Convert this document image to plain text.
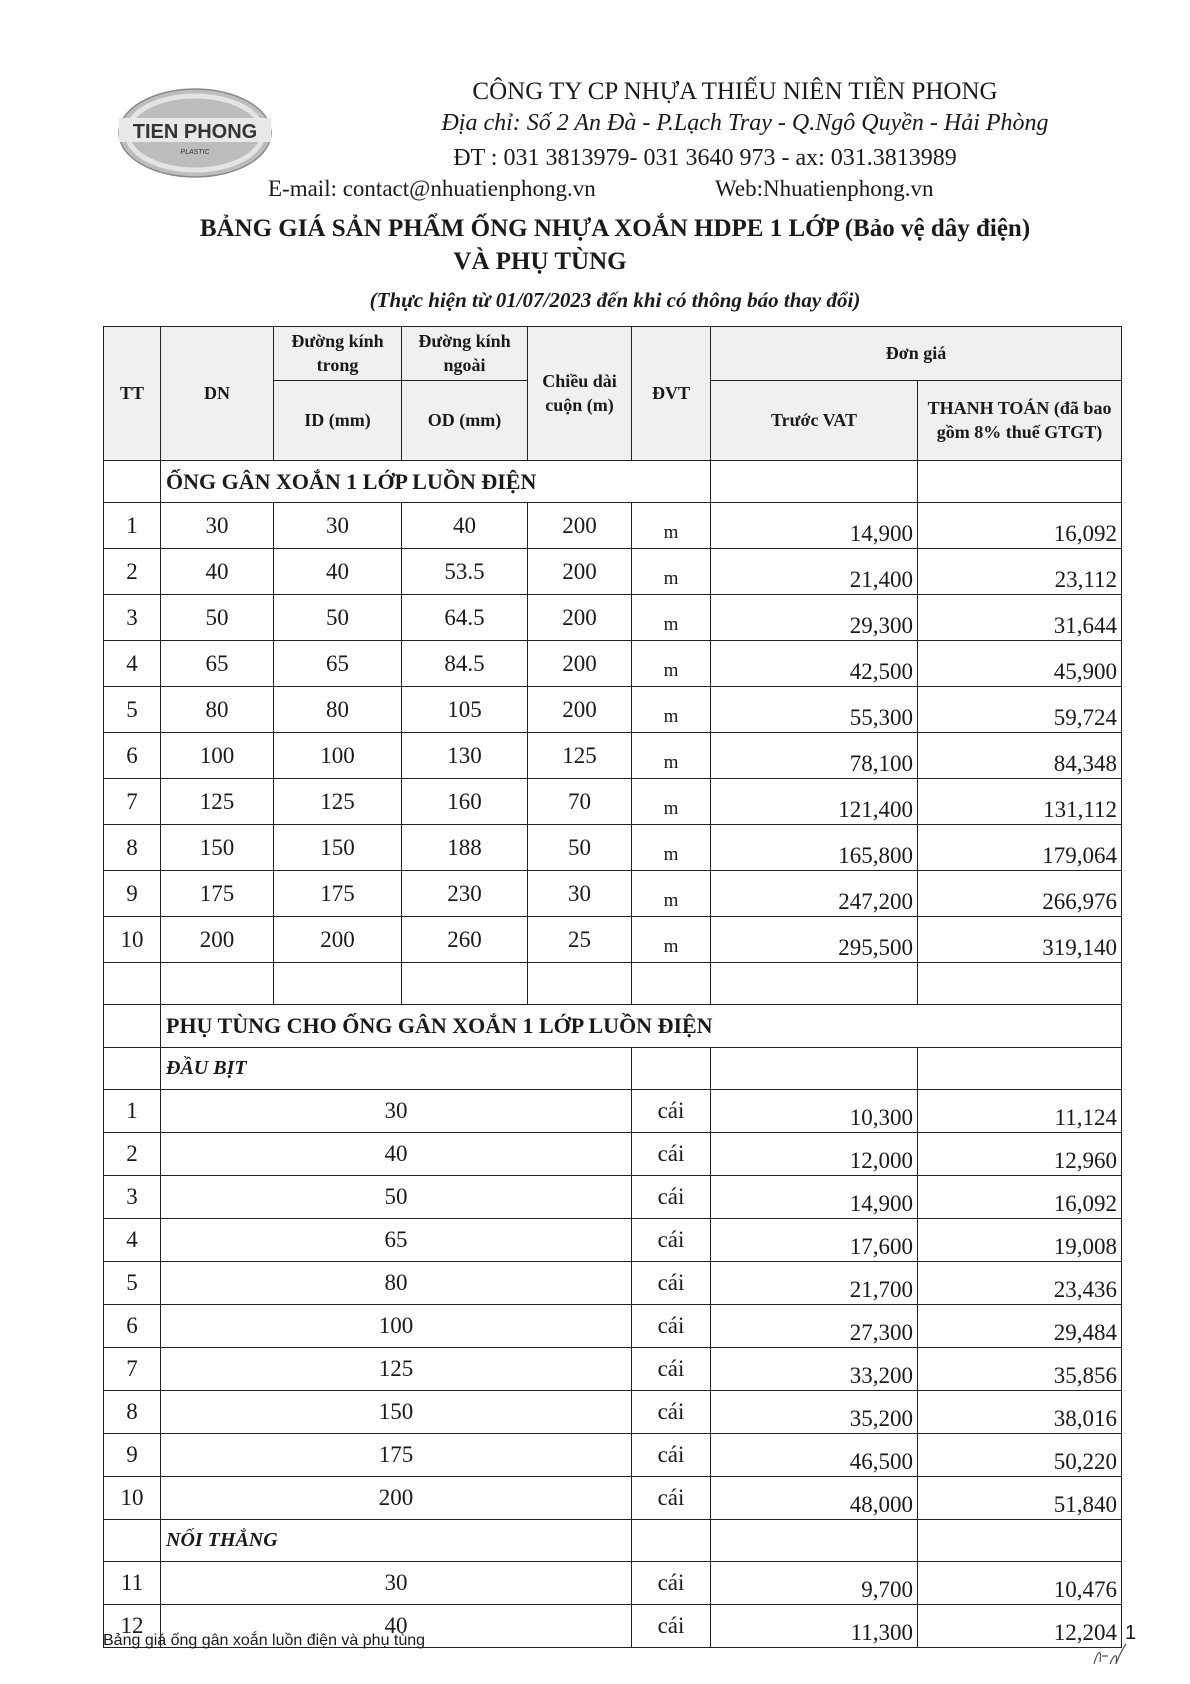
TIEN PHONG
PLASTIC
CÔNG TY CP NHỰA THIẾU NIÊN TIỀN PHONG
Địa chỉ: Số 2 An Đà - P.Lạch Tray - Q.Ngô Quyền - Hải Phòng
ĐT : 031 3813979- 031 3640 973 - ax: 031.3813989
E-mail: contact@nhuatienphong.vn	Web:Nhuatienphong.vn
BẢNG GIÁ SẢN PHẨM ỐNG NHỰA XOẮN HDPE 1 LỚP (Bảo vệ dây điện)
VÀ PHỤ TÙNG
(Thực hiện từ 01/07/2023 đến khi có thông báo thay đổi)
TT	DN	Đường kính trong	Đường kính ngoài	Chiều dài cuộn (m)	ĐVT	Đơn giá	
		ID (mm)	OD (mm)			Trước VAT	THANH TOÁN (đã bao gồm 8% thuế GTGT)
	ỐNG GÂN XOẮN 1 LỚP LUỒN ĐIỆN						
1	30	30	40	200	m	14,900	16,092
2	40	40	53.5	200	m	21,400	23,112
3	50	50	64.5	200	m	29,300	31,644
4	65	65	84.5	200	m	42,500	45,900
5	80	80	105	200	m	55,300	59,724
6	100	100	130	125	m	78,100	84,348
7	125	125	160	70	m	121,400	131,112
8	150	150	188	50	m	165,800	179,064
9	175	175	230	30	m	247,200	266,976
10	200	200	260	25	m	295,500	319,140

	PHỤ TÙNG CHO ỐNG GÂN XOẮN 1 LỚP LUỒN ĐIỆN						
	ĐẦU BỊT						
1	30				cái	10,300	11,124
2	40				cái	12,000	12,960
3	50				cái	14,900	16,092
4	65				cái	17,600	19,008
5	80				cái	21,700	23,436
6	100				cái	27,300	29,484
7	125				cái	33,200	35,856
8	150				cái	35,200	38,016
9	175				cái	46,500	50,220
10	200				cái	48,000	51,840
	NỐI THẲNG						
11	30				cái	9,700	10,476
12	40				cái	11,300	12,204
Bảng giá ống gân xoắn luồn điện và phụ tùng	1
